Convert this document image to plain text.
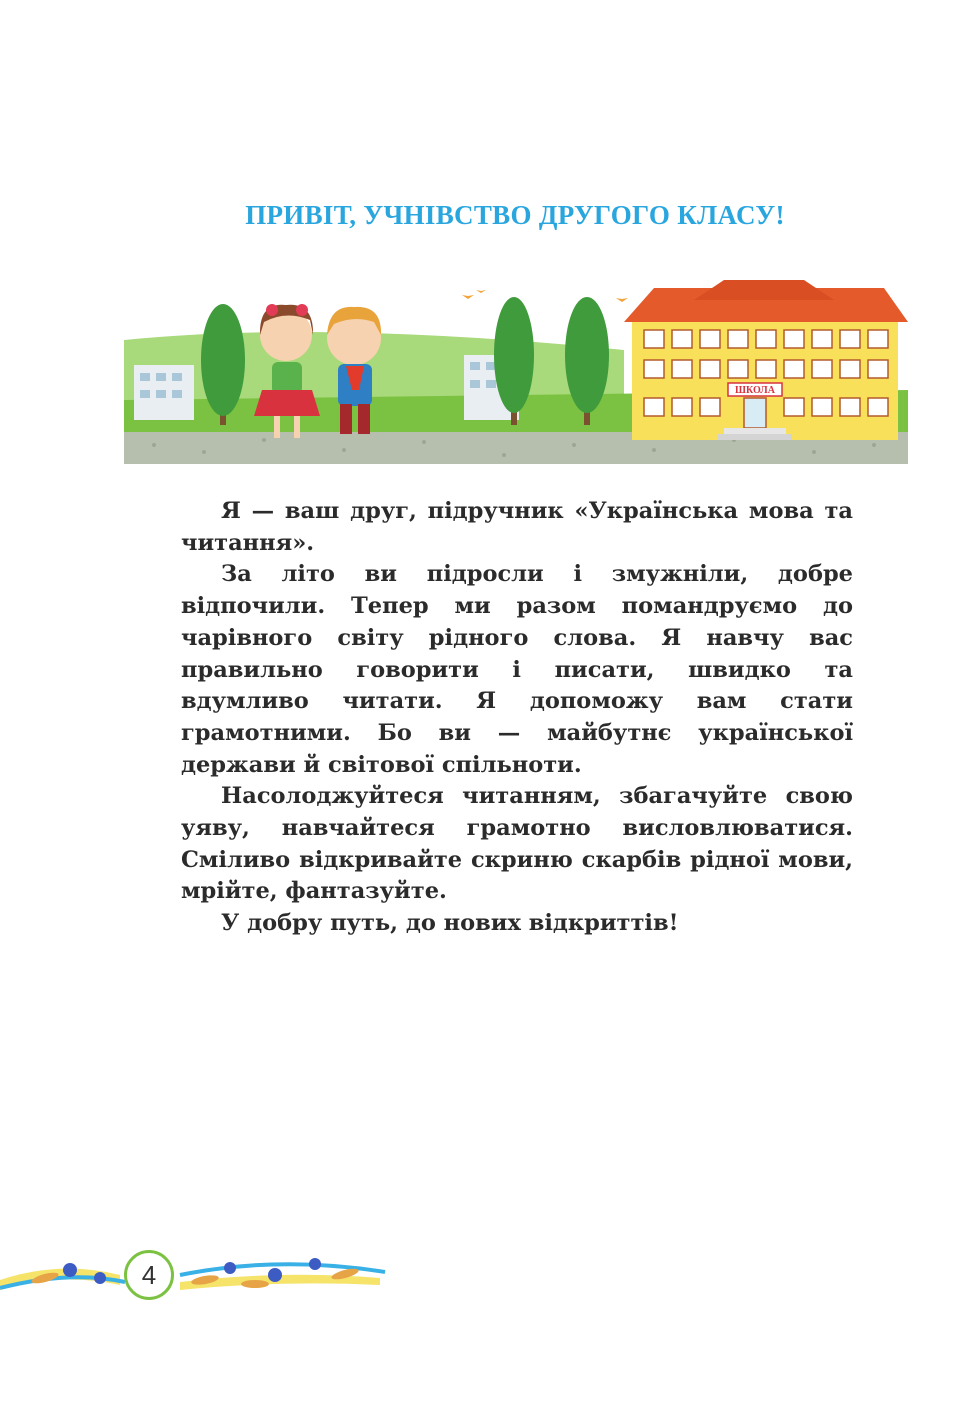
ПРИВІТ, УЧНІВСТВО ДРУГОГО КЛАСУ!
ШКОЛА

Я — ваш друг, підручник «Українська мова та читання».

За літо ви підросли і змужніли, добре відпочили. Тепер ми разом помандруємо до чарівного світу рідного слова. Я навчу вас правильно говорити і писати, швидко та вдумливо читати. Я допоможу вам стати грамотними. Бо ви — майбутнє української держави й світової спільноти.

Насолоджуйтеся читанням, збагачуйте свою уяву, навчайтеся грамотно висловлюватися. Сміливо відкривайте скриню скарбів рідної мови, мрійте, фантазуйте.

У добру путь, до нових відкриттів!

4
